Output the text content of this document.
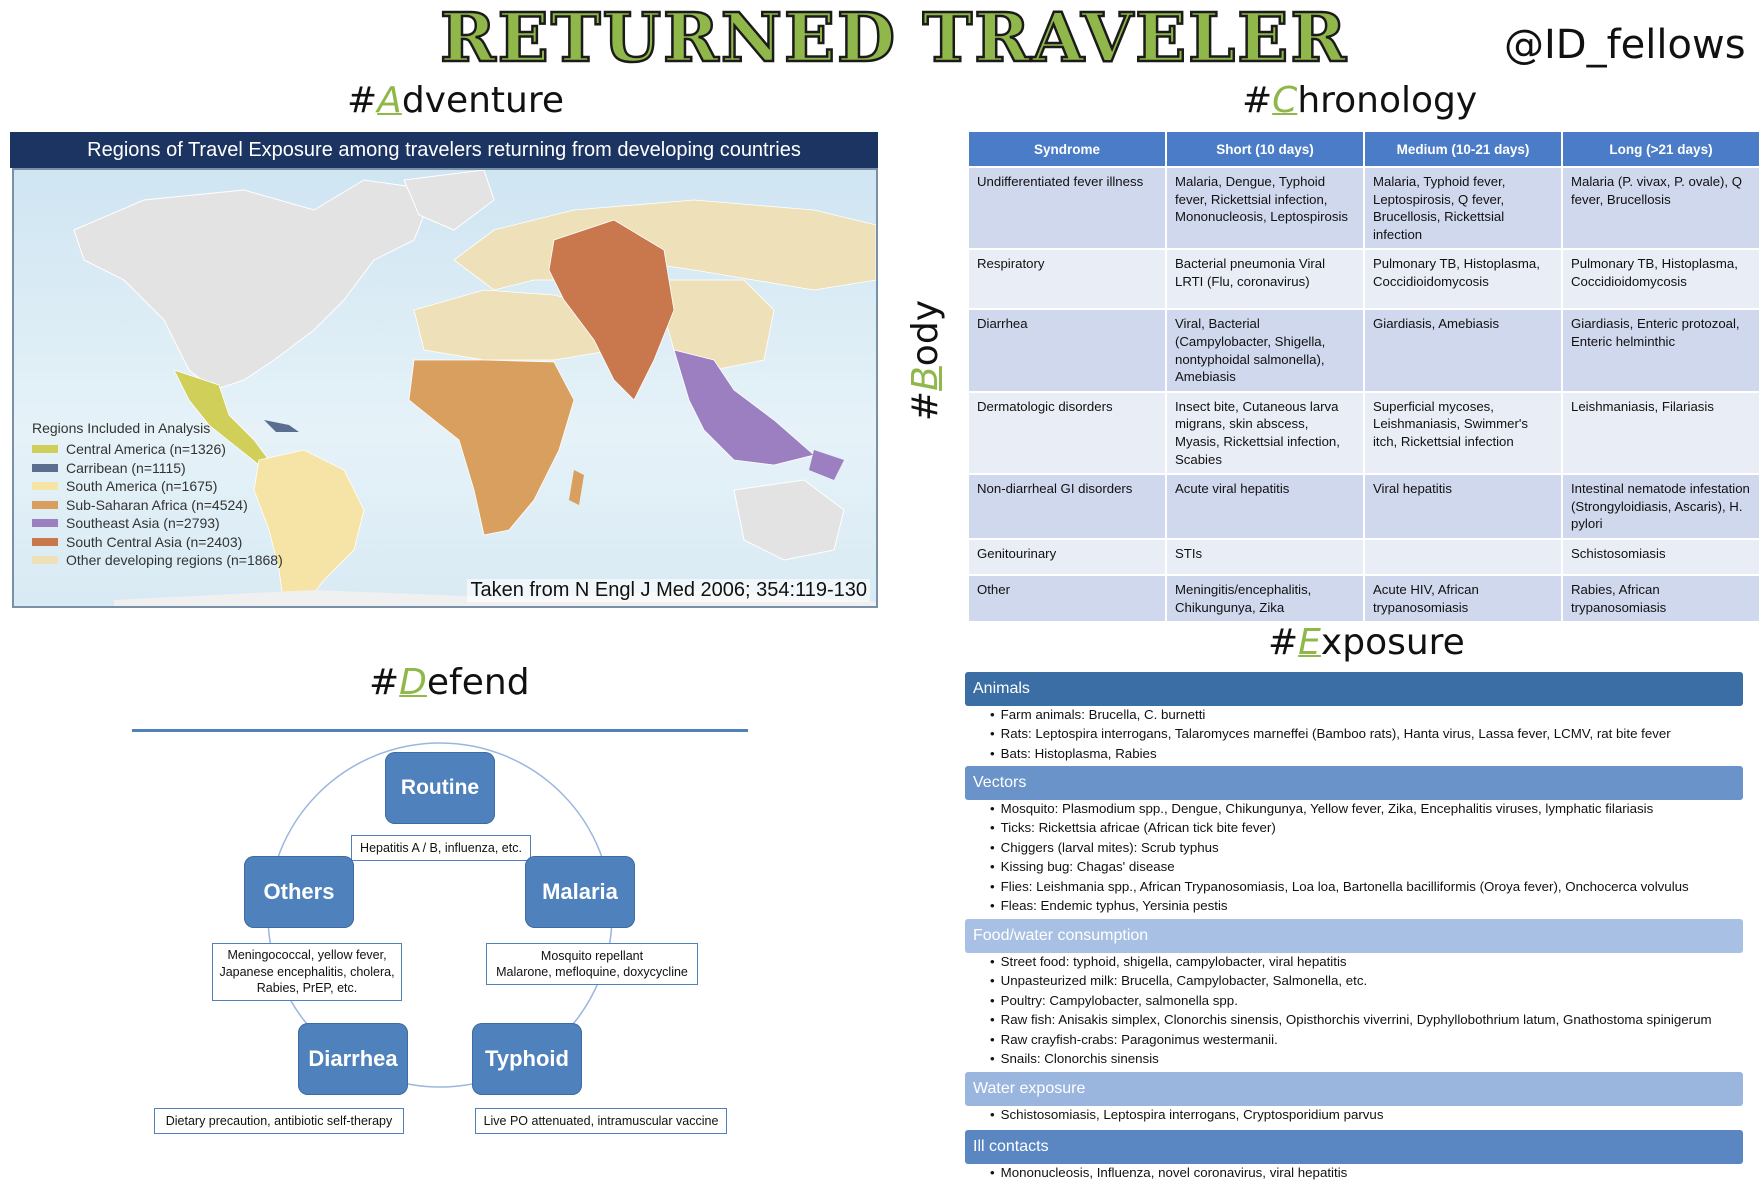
RETURNED TRAVELER	@ID_fellows
#Adventure
Regions of Travel Exposure among travelers returning from developing countries
Regions Included in Analysis
Central America (n=1326)
Carribean (n=1115)
South America (n=1675)
Sub-Saharan Africa (n=4524)
Southeast Asia (n=2793)
South Central Asia (n=2403)
Other developing regions (n=1868)
Taken from N Engl J Med 2006; 354:119-130
#Chronology
#Body
Syndrome	Short (10 days)	Medium (10-21 days)	Long (>21 days)
Undifferentiated fever illness	Malaria, Dengue, Typhoid fever, Rickettsial infection, Mononucleosis, Leptospirosis	Malaria, Typhoid fever, Leptospirosis, Q fever, Brucellosis, Rickettsial infection	Malaria (P. vivax, P. ovale), Q fever, Brucellosis
Respiratory	Bacterial pneumonia Viral LRTI (Flu, coronavirus)	Pulmonary TB, Histoplasma, Coccidioidomycosis	Pulmonary TB, Histoplasma, Coccidioidomycosis
Diarrhea	Viral, Bacterial (Campylobacter, Shigella, nontyphoidal salmonella), Amebiasis	Giardiasis, Amebiasis	Giardiasis, Enteric protozoal, Enteric helminthic
Dermatologic disorders	Insect bite, Cutaneous larva migrans, skin abscess, Myasis, Rickettsial infection, Scabies	Superficial mycoses, Leishmaniasis, Swimmer's itch, Rickettsial infection	Leishmaniasis, Filariasis
Non-diarrheal GI disorders	Acute viral hepatitis	Viral hepatitis	Intestinal nematode infestation (Strongyloidiasis, Ascaris), H. pylori
Genitourinary	STIs		Schistosomiasis
Other	Meningitis/encephalitis, Chikungunya, Zika	Acute HIV, African trypanosomiasis	Rabies, African trypanosomiasis
#Defend
Routine
Hepatitis A / B, influenza, etc.
Malaria
Mosquito repellant
Malarone, mefloquine, doxycycline
Typhoid
Live PO attenuated, intramuscular vaccine
Diarrhea
Dietary precaution, antibiotic self-therapy
Others
Meningococcal, yellow fever,
Japanese encephalitis, cholera,
Rabies, PrEP, etc.
#Exposure
Animals
• Farm animals: Brucella, C. burnetti
• Rats: Leptospira interrogans, Talaromyces marneffei (Bamboo rats), Hanta virus, Lassa fever, LCMV, rat bite fever
• Bats: Histoplasma, Rabies
Vectors
• Mosquito: Plasmodium spp., Dengue, Chikungunya, Yellow fever, Zika, Encephalitis viruses, lymphatic filariasis
• Ticks: Rickettsia africae (African tick bite fever)
• Chiggers (larval mites): Scrub typhus
• Kissing bug: Chagas' disease
• Flies: Leishmania spp., African Trypanosomiasis, Loa loa, Bartonella bacilliformis (Oroya fever), Onchocerca volvulus
• Fleas: Endemic typhus, Yersinia pestis
Food/water consumption
• Street food: typhoid, shigella, campylobacter, viral hepatitis
• Unpasteurized milk: Brucella, Campylobacter, Salmonella, etc.
• Poultry: Campylobacter, salmonella spp.
• Raw fish: Anisakis simplex, Clonorchis sinensis, Opisthorchis viverrini, Dyphyllobothrium latum, Gnathostoma spinigerum
• Raw crayfish-crabs: Paragonimus westermanii.
• Snails: Clonorchis sinensis
Water exposure
• Schistosomiasis, Leptospira interrogans, Cryptosporidium parvus
Ill contacts
• Mononucleosis, Influenza, novel coronavirus, viral hepatitis
